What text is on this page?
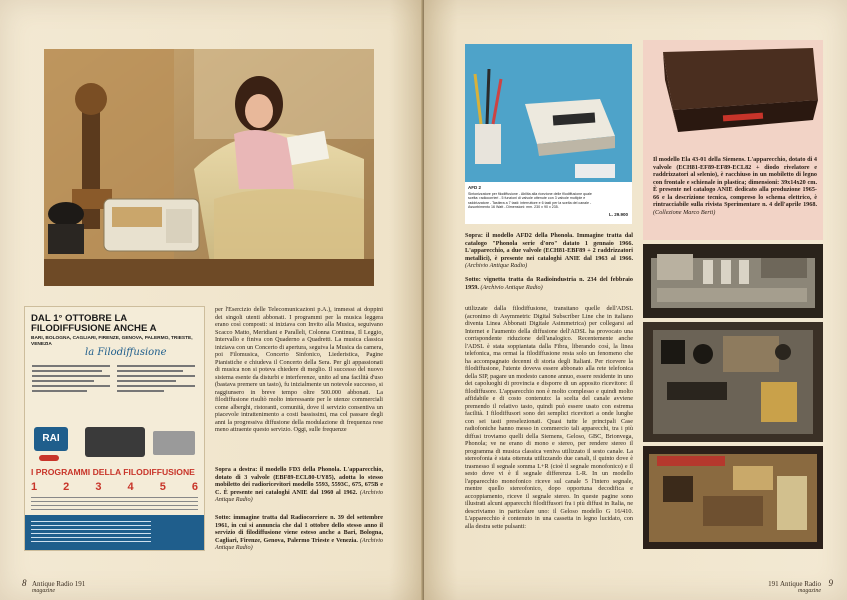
DAL 1° OTTOBRE LA FILODIFFUSIONE ANCHE A
BARI, BOLOGNA, CAGLIARI, FIRENZE, GENOVA, PALERMO, TRIESTE, VENEZIA
la Filodiffusione
RAI
I PROGRAMMI DELLA FILODIFFUSIONE
1 2 3 4 5 6
per l'Esercizio delle Telecomunicazioni p.A.), immessi ai doppini dei singoli utenti abbonati. I programmi per la musica leggera erano così composti: si iniziava con Invito alla Musica, seguivano Scacco Matto, Meridiani e Paralleli, Colonna Continua, Il Leggio, Intervallo e finiva con Quaderno a Quadretti. La musica classica iniziava con un Concerto di apertura, seguiva la Musica da camera, poi Filomusica, Concerto Sinfonico, Liederistica, Pagine Pianistiche e chiudeva il Concerto della Sera. Per gli appassionati di musica non si poteva chiedere di meglio. Il successo del nuovo sistema esente da disturbi e interferenze, unito ad una facilità d'uso (bastava premere un tasto), fu inizialmente un notevole successo, si raggiunsero in breve tempo oltre 500.000 abbonati. La filodiffusione risultò molto interessante per le utenze commerciali come alberghi, ristoranti, comunità, dove il servizio consentiva un piacevole intrattenimento a costi bassissimi, ma col passare degli anni la progressiva diffusione della modulazione di frequenza rese meno attraente questo servizio. Oggi, sulle frequenze
Sopra a destra: il modello FD3 della Phonola. L'apparecchio, dotato di 3 valvole (EBF89-ECL80-UY85), adotta lo stesso mobiletto dei radioricevitori modello 5593, 5593C, 675, 675B e C. È presente nei cataloghi ANIE dal 1960 al 1962. (Archivio Antique Radio)
Sotto: immagine tratta dal Radiocorriere n. 39 del settembre 1961, in cui si annuncia che dal 1 ottobre dello stesso anno il servizio di filodiffusione viene esteso anche a Bari, Bologna, Cagliari, Firenze, Genova, Palermo Trieste e Venezia. (Archivio Antique Radio)
8 Antique Radio 191
magazine
AFD 2
Sintonizzatore per filodiffusione - Abilita alla ricezione delle filodiffusione quale scelta: radiocorrieri - 5 funzioni di valvole ottenute con 3 valvole multiple e raddrizzatore - Tastiera a 7 tasti: interruttore e 6 tasti per la scelta del canale - Assorbimento 16 Watt - Dimensioni: mm. 230 x 90 x 235.
L. 29.900
Sopra: il modello AFD2 della Phonola. Immagine tratta dal catalogo "Phonola serie d'oro" datato 1 gennaio 1966. L'apparecchio, a due valvole (ECH81-EBF89 + 2 raddrizzatori metallici), è presente nei cataloghi ANIE dal 1963 al 1966. (Archivio Antique Radio)
Sotto: vignetta tratta da Radioindustria n. 234 del febbraio 1959. (Archivio Antique Radio)
utilizzate dalla filodiffusione, transitano quelle dell'ADSL (acronimo di Asymmetric Digital Subscriber Line che in italiano diventa Linea Abbonati Digitale Asimmetrica) per collegarsi ad Internet e l'aumento della diffusione dell'ADSL ha provocato una corrispondente riduzione dell'analogico. Recentemente anche l'ADSL è stata soppiantata dalla Fibra, liberando così, la linea telefonica, ma ormai la filodiffusione resta solo un fenomeno che ha accompagnato decenni di storia degli Italiani. Per ricevere la filodiffusione, l'utente doveva essere abbonato alla rete telefonica della SIP, pagare un modesto canone annuo, essere residente in uno dei capoluoghi di provincia e disporre di un apposito ricevitore: il filodiffusore. L'apparecchio non è molto complesso e quindi molto affidabile e di costo contenuto: la scelta del canale avviene premendo il relativo tasto, quindi può essere usato con estrema facilità. I filodiffusori sono dei semplici ricevitori a onde lunghe con sei tasti preselezionati. Quasi tutte le principali Case radiofoniche hanno messo in commercio tali apparecchi, tra i più diffusi troviamo quelli della Siemens, Geloso, GBC, Brionvega, Phonola; ve ne erano di mono e stereo, per rendere stereo il programma di musica classica veniva utilizzato il sesto canale. La stereofonia è stata ottenuta utilizzando due canali, il quinto dove è trasmesso il segnale somma L+R (cioè il segnale monofonico) e il sesto dove vi è il segnale differenza L-R. In un modello l'apparecchio monofonico riceve sul canale 5 l'intero segnale, mentre quello stereofonico, dopo opportuna decodifica e accoppiamento, riceve il segnale stereo. In queste pagine sono illustrati alcuni apparecchi filodiffusori fra i più diffusi in Italia, ne descriviamo in particolare uno: il Geloso modello G 16/410. L'apparecchio è contenuto in una cassetta in legno lucidato, con alla destra sette pulsanti:
Il modello Ela 43-01 della Siemens. L'apparecchio, dotato di 4 valvole (ECH81-EF89-EF89-ECL82 + diodo rivelatore e raddrizzatori al selenio), è racchiuso in un mobiletto di legno con frontale e schienale in plastica; dimensioni: 39x14x20 cm. È presente nel catalogo ANIE dedicato alla produzione 1965-66 e la descrizione tecnica, compreso lo schema elettrico, è rintracciabile sulla rivista Sperimentare n. 4 dell'aprile 1968. (Collezione Marco Berti)
191 Antique Radio
magazine
9
